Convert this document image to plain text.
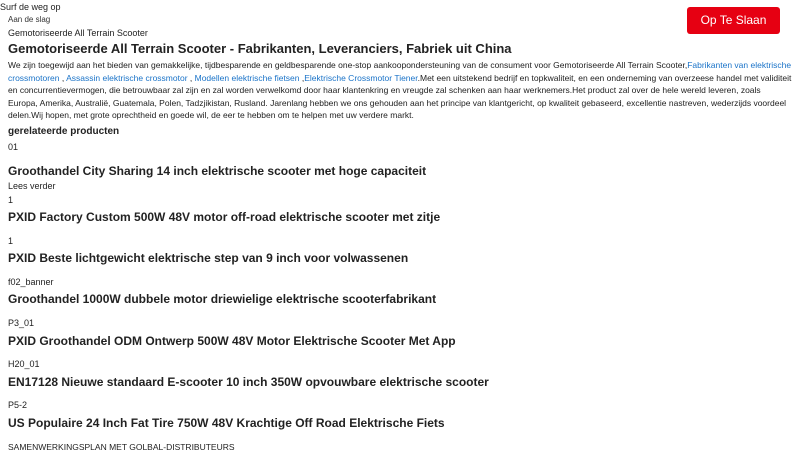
Surf de weg op
Aan de slag
Gemotoriseerde All Terrain Scooter
Op Te Slaan
Gemotoriseerde All Terrain Scooter - Fabrikanten, Leveranciers, Fabriek uit China

We zijn toegewijd aan het bieden van gemakkelijke, tijdbesparende en geldbesparende one-stop aankoopondersteuning van de consument voor Gemotoriseerde All Terrain Scooter,Fabrikanten van elektrische crossmotoren , Assassin elektrische crossmotor , Modellen elektrische fietsen ,Elektrische Crossmotor Tiener.Met een uitstekend bedrijf en topkwaliteit, en een onderneming van overzeese handel met validiteit en concurrentievermogen, die betrouwbaar zal zijn en zal worden verwelkomd door haar klantenkring en vreugde zal schenken aan haar werknemers.Het product zal over de hele wereld leveren, zoals Europa, Amerika, Australië, Guatemala, Polen, Tadzjikistan, Rusland. Jarenlang hebben we ons gehouden aan het principe van klantgericht, op kwaliteit gebaseerd, excellentie nastreven, wederzijds voordeel delen.Wij hopen, met grote oprechtheid en goede wil, de eer te hebben om te helpen met uw verdere markt.

gerelateerde producten
01
Groothandel City Sharing 14 inch elektrische scooter met hoge capaciteit
Lees verder
1
PXID Factory Custom 500W 48V motor off-road elektrische scooter met zitje
1
PXID Beste lichtgewicht elektrische step van 9 inch voor volwassenen
f02_banner
Groothandel 1000W dubbele motor driewielige elektrische scooterfabrikant
P3_01
PXID Groothandel ODM Ontwerp 500W 48V Motor Elektrische Scooter Met App
H20_01
EN17128 Nieuwe standaard E-scooter 10 inch 350W opvouwbare elektrische scooter
P5-2
US Populaire 24 Inch Fat Tire 750W 48V Krachtige Off Road Elektrische Fiets
SAMENWERKINGSPLAN MET GOLBAL-DISTRIBUTEURS
